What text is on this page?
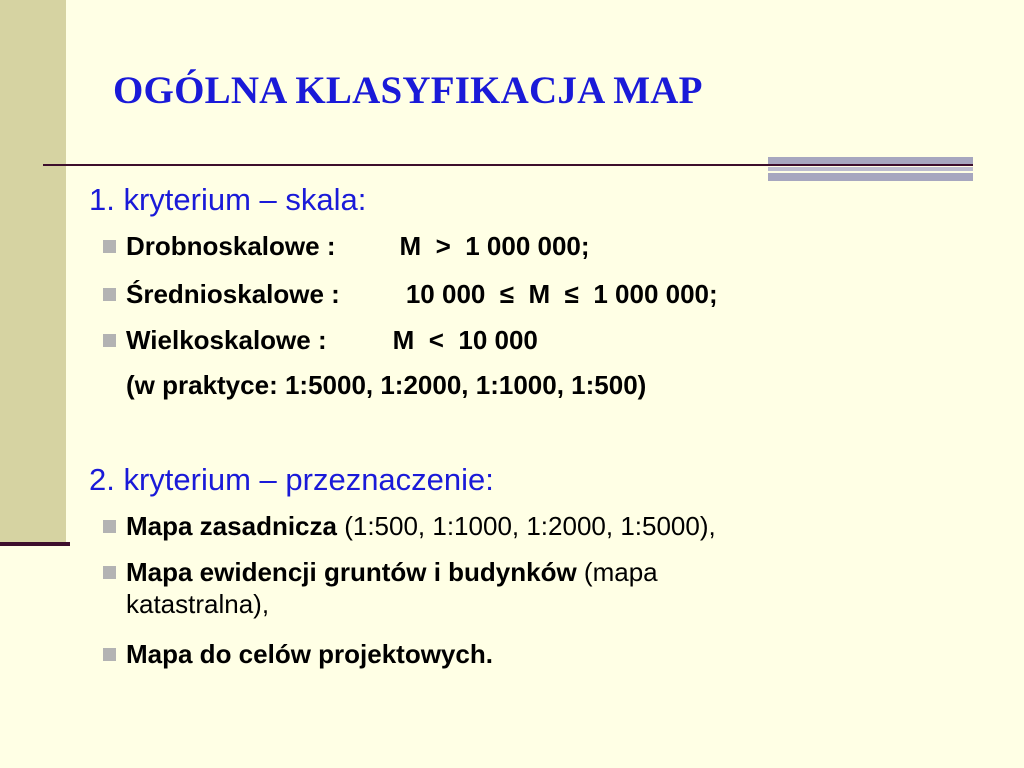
OGÓLNA KLASYFIKACJA MAP
1. kryterium – skala:
Drobnoskalowe : M  >  1 000 000;
Średnioskalowe :	10 000  ≤  M  ≤  1 000 000;
Wielkoskalowe :	M  <  10 000
(w praktyce: 1:5000, 1:2000, 1:1000, 1:500)
2. kryterium – przeznaczenie:
Mapa zasadnicza (1:500, 1:1000, 1:2000, 1:5000),
Mapa ewidencji gruntów i budynków (mapa
katastralna),
Mapa do celów projektowych.
